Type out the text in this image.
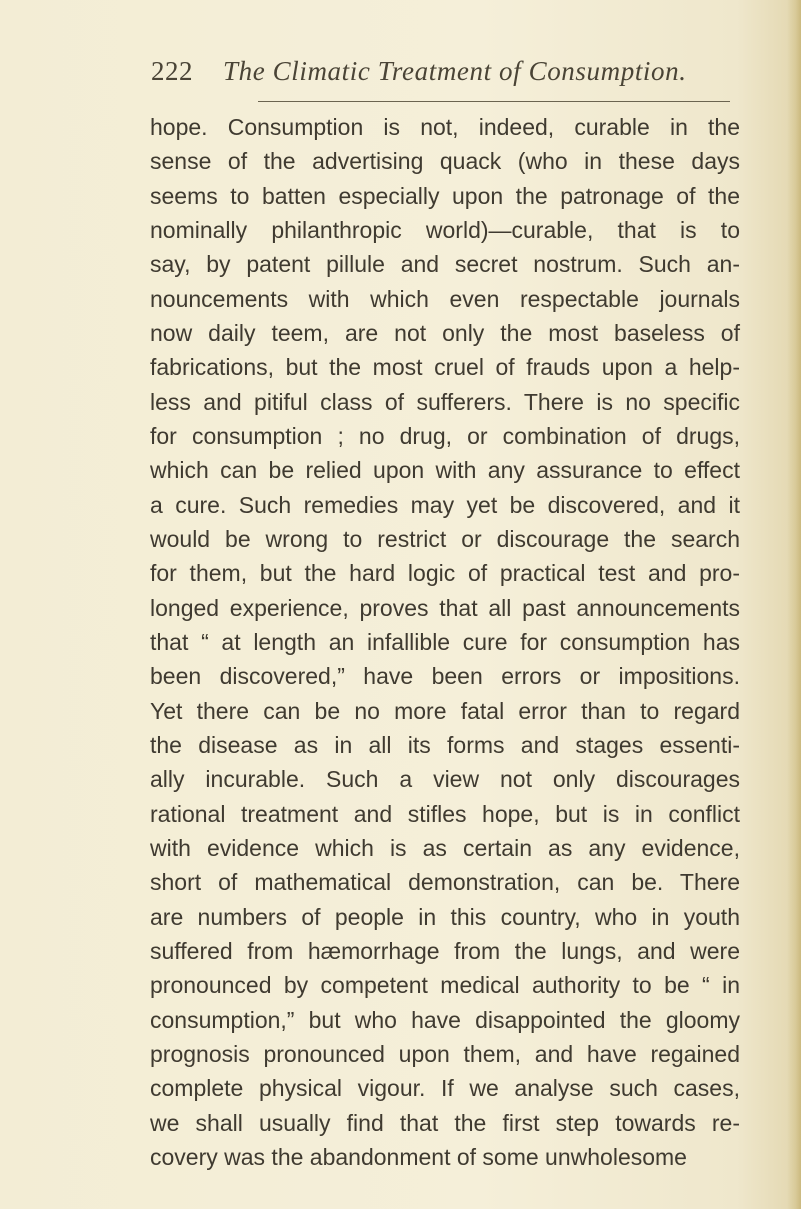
222 The Climatic Treatment of Consumption.
hope. Consumption is not, indeed, curable in the
sense of the advertising quack (who in these days
seems to batten especially upon the patronage of the
nominally philanthropic world)—curable, that is to
say, by patent pillule and secret nostrum. Such an-
nouncements with which even respectable journals
now daily teem, are not only the most baseless of
fabrications, but the most cruel of frauds upon a help-
less and pitiful class of sufferers. There is no specific
for consumption ; no drug, or combination of drugs,
which can be relied upon with any assurance to effect
a cure. Such remedies may yet be discovered, and it
would be wrong to restrict or discourage the search
for them, but the hard logic of practical test and pro-
longed experience, proves that all past announcements
that “ at length an infallible cure for consumption has
been discovered,” have been errors or impositions.
Yet there can be no more fatal error than to regard
the disease as in all its forms and stages essenti-
ally incurable. Such a view not only discourages
rational treatment and stifles hope, but is in conflict
with evidence which is as certain as any evidence,
short of mathematical demonstration, can be. There
are numbers of people in this country, who in youth
suffered from hæmorrhage from the lungs, and were
pronounced by competent medical authority to be “ in
consumption,” but who have disappointed the gloomy
prognosis pronounced upon them, and have regained
complete physical vigour. If we analyse such cases,
we shall usually find that the first step towards re-
covery was the abandonment of some unwholesome
